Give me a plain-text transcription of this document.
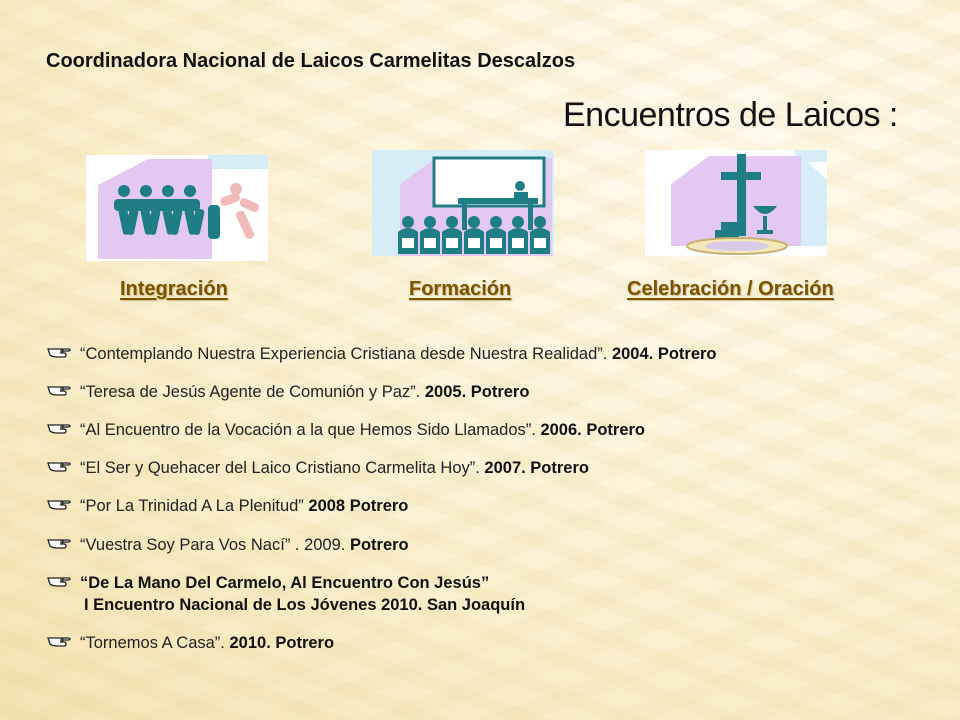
Coordinadora Nacional de Laicos Carmelitas Descalzos
Encuentros de Laicos :
Integración	Formación	Celebración / Oración
“Contemplando Nuestra Experiencia Cristiana desde Nuestra Realidad”. 2004. Potrero
“Teresa de Jesús Agente de Comunión y Paz”. 2005. Potrero
“Al Encuentro de la Vocación a la que Hemos Sido Llamados”. 2006. Potrero
“El Ser y Quehacer del Laico Cristiano Carmelita Hoy”. 2007. Potrero
“Por La Trinidad A La Plenitud” 2008 Potrero
“Vuestra Soy Para Vos Nací” . 2009. Potrero
“De La Mano Del Carmelo, Al Encuentro Con Jesús”
I Encuentro Nacional de Los Jóvenes 2010. San Joaquín
“Tornemos A Casa”. 2010. Potrero
